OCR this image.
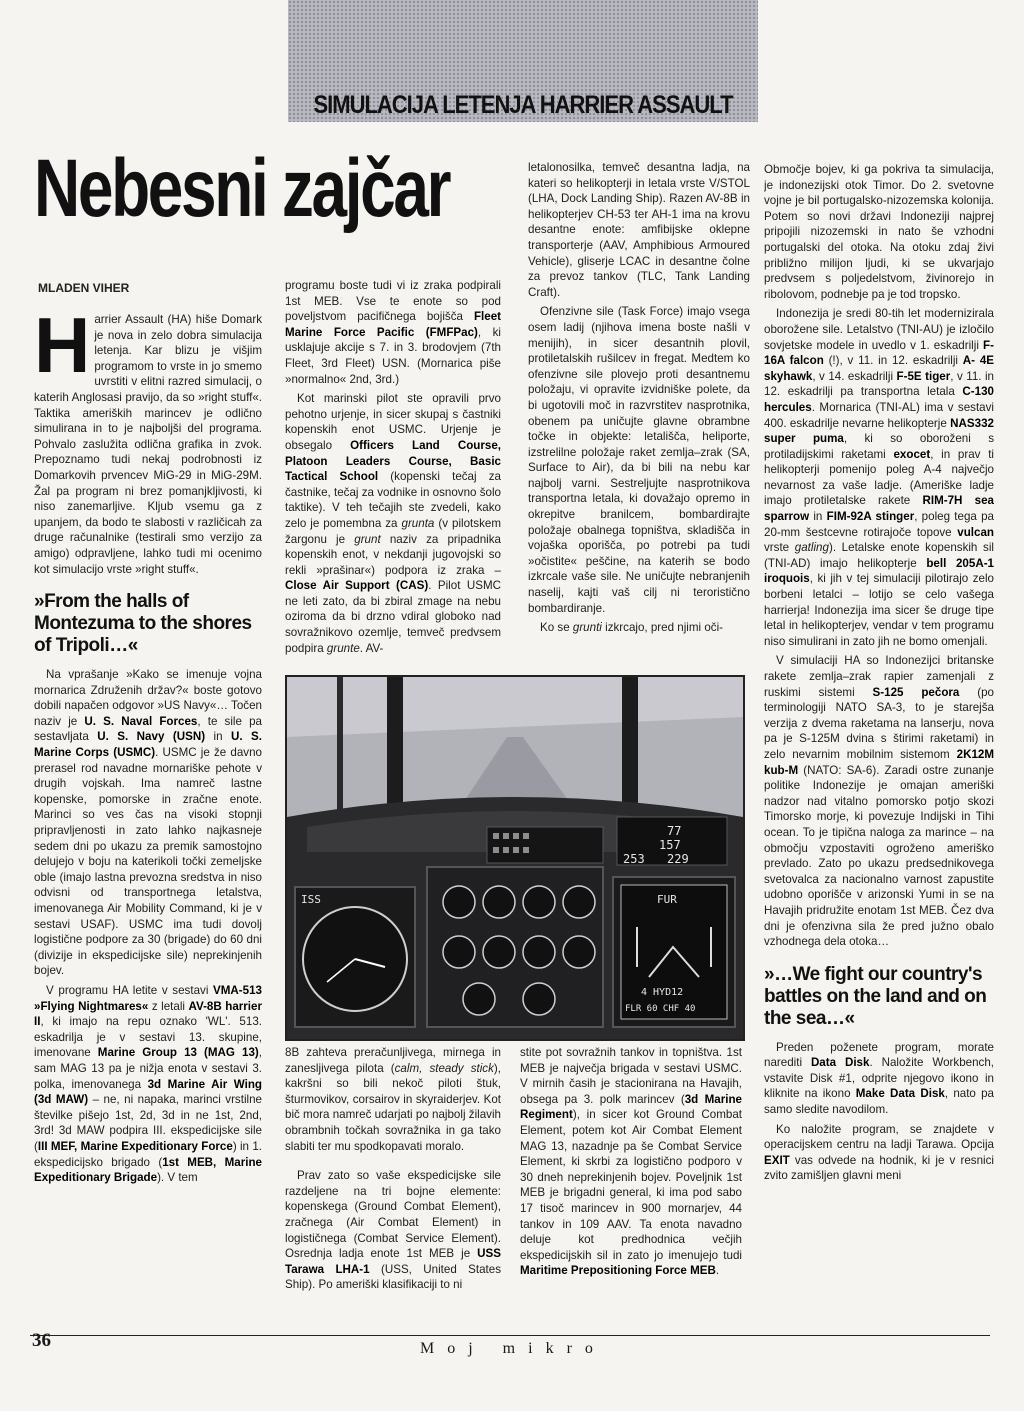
SIMULACIJA LETENJA HARRIER ASSAULT
Nebesni zajčar
MLADEN VIHER

Harrier Assault (HA) hiše Domark je nova in zelo dobra simulacija letenja. Kar blizu je višjim programom to vrste in jo smemo uvrstiti v elitni razred simulacij, o katerih Anglosasi pravijo, da so »right stuff«. Taktika ameriških marincev je odlično simulirana in to je najboljši del programa. Pohvalo zaslužita odlična grafika in zvok. Prepoznamo tudi nekaj podrobnosti iz Domarkovih prvencev MiG-29 in MiG-29M. Žal pa program ni brez pomanjkljivosti, ki niso zanemarljive. Kljub vsemu ga z upanjem, da bodo te slabosti v različicah za druge računalnike (testirali smo verzijo za amigo) odpravljene, lahko tudi mi ocenimo kot simulacijo vrste »right stuff«.

»From the halls of Montezuma to the shores of Tripoli…«

Na vprašanje »Kako se imenuje vojna mornarica Združenih držav?« boste gotovo dobili napačen odgovor »US Navy«… Točen naziv je U. S. Naval Forces, te sile pa sestavljata U. S. Navy (USN) in U. S. Marine Corps (USMC). USMC je že davno prerasel rod navadne mornariške pehote v drugih vojskah. Ima namreč lastne kopenske, pomorske in zračne enote. Marinci so ves čas na visoki stopnji pripravljenosti in zato lahko najkasneje sedem dni po ukazu za premik samostojno delujejo v boju na katerikoli točki zemeljske oble (imajo lastna prevozna sredstva in niso odvisni od transportnega letalstva, imenovanega Air Mobility Command, ki je v sestavi USAF). USMC ima tudi dovolj logistične podpore za 30 (brigade) do 60 dni (divizije in ekspedicijske sile) neprekinjenih bojev.

V programu HA letite v sestavi VMA-513 »Flying Nightmares« z letali AV-8B harrier II, ki imajo na repu oznako 'WL'. 513. eskadrilja je v sestavi 13. skupine, imenovane Marine Group 13 (MAG 13), sam MAG 13 pa je nižja enota v sestavi 3. polka, imenovanega 3d Marine Air Wing (3d MAW) – ne, ni napaka, marinci vrstilne številke pišejo 1st, 2d, 3d in ne 1st, 2nd, 3rd! 3d MAW podpira III. ekspedicijske sile (III MEF, Marine Expeditionary Force) in 1. ekspedicijsko brigado (1st MEB, Marine Expeditionary Brigade). V tem

programu boste tudi vi iz zraka podpirali 1st MEB. Vse te enote so pod poveljstvom pacifičnega bojišča Fleet Marine Force Pacific (FMFPac), ki usklajuje akcije s 7. in 3. brodovjem (7th Fleet, 3rd Fleet) USN. (Mornarica piše »normalno« 2nd, 3rd.)

Kot marinski pilot ste opravili prvo pehotno urjenje, in sicer skupaj s častniki kopenskih enot USMC. Urjenje je obsegalo Officers Land Course, Platoon Leaders Course, Basic Tactical School (kopenski tečaj za častnike, tečaj za vodnike in osnovno šolo taktike). V teh tečajih ste zvedeli, kako zelo je pomembna za grunta (v pilotskem žargonu je grunt naziv za pripadnika kopenskih enot, v nekdanji jugovojski so rekli »prašinar«) podpora iz zraka – Close Air Support (CAS). Pilot USMC ne leti zato, da bi zbiral zmage na nebu oziroma da bi drzno vdiral globoko nad sovražnikovo ozemlje, temveč predvsem podpira grunte. AV-

letalonosilka, temveč desantna ladja, na kateri so helikopterji in letala vrste V/STOL (LHA, Dock Landing Ship). Razen AV-8B in helikopterjev CH-53 ter AH-1 ima na krovu desantne enote: amfibijske oklepne transporterje (AAV, Amphibious Armoured Vehicle), gliserje LCAC in desantne čolne za prevoz tankov (TLC, Tank Landing Craft).

Ofenzivne sile (Task Force) imajo vsega osem ladij (njihova imena boste našli v menijih), in sicer desantnih plovil, protiletalskih rušilcev in fregat. Medtem ko ofenzivne sile plovejo proti desantnemu položaju, vi opravite izvidniške polete, da bi ugotovili moč in razvrstitev nasprotnika, obenem pa uničujte glavne obrambne točke in objekte: letališča, heliporte, izstrelilne položaje raket zemlja–zrak (SA, Surface to Air), da bi bili na nebu kar najbolj varni. Sestreljujte nasprotnikova transportna letala, ki dovažajo opremo in okrepitve branilcem, bombardirajte položaje obalnega topništva, skladišča in vojaška oporišča, po potrebi pa tudi »očistite« peščine, na katerih se bodo izkrcale vaše sile. Ne uničujte nebranjenih naselij, kajti vaš cilj ni teroristično bombardiranje.

Ko se grunti izkrcajo, pred njimi oči-

ISS
77
157
253 229
FUR
4 HYD12
FLR 60 CHF 40

8B zahteva preračunljivega, mirnega in zanesljivega pilota (calm, steady stick), kakršni so bili nekoč piloti štuk, šturmovikov, corsairov in skyraiderjev. Kot bič mora namreč udarjati po najbolj žilavih obrambnih točkah sovražnika in ga tako slabiti ter mu spodkopavati moralo.

Prav zato so vaše ekspedicijske sile razdeljene na tri bojne elemente: kopenskega (Ground Combat Element), zračnega (Air Combat Element) in logističnega (Combat Service Element). Osrednja ladja enote 1st MEB je USS Tarawa LHA-1 (USS, United States Ship). Po ameriški klasifikaciji to ni

stite pot sovražnih tankov in topništva. 1st MEB je največja brigada v sestavi USMC. V mirnih časih je stacionirana na Havajih, obsega pa 3. polk marincev (3d Marine Regiment), in sicer kot Ground Combat Element, potem kot Air Combat Element MAG 13, nazadnje pa še Combat Service Element, ki skrbi za logistično podporo v 30 dneh neprekinjenih bojev. Poveljnik 1st MEB je brigadni general, ki ima pod sabo 17 tisoč marincev in 900 mornarjev, 44 tankov in 109 AAV. Ta enota navadno deluje kot predhodnica večjih ekspedicijskih sil in zato jo imenujejo tudi Maritime Prepositioning Force MEB.

Območje bojev, ki ga pokriva ta simulacija, je indonezijski otok Timor. Do 2. svetovne vojne je bil portugalsko-nizozemska kolonija. Potem so novi državi Indoneziji najprej pripojili nizozemski in nato še vzhodni portugalski del otoka. Na otoku zdaj živi približno milijon ljudi, ki se ukvarjajo predvsem s poljedelstvom, živinorejo in ribolovom, podnebje pa je tod tropsko.

Indonezija je sredi 80-tih let modernizirala oborožene sile. Letalstvo (TNI-AU) je izločilo sovjetske modele in uvedlo v 1. eskadrilji F-16A falcon (!), v 11. in 12. eskadrilji A- 4E skyhawk, v 14. eskadrilji F-5E tiger, v 11. in 12. eskadrilji pa transportna letala C-130 hercules. Mornarica (TNI-AL) ima v sestavi 400. eskadrilje nevarne helikopterje NAS332 super puma, ki so oboroženi s protiladijskimi raketami exocet, in prav ti helikopterji pomenijo poleg A-4 največjo nevarnost za vaše ladje. (Ameriške ladje imajo protiletalske rakete RIM-7H sea sparrow in FIM-92A stinger, poleg tega pa 20-mm šestcevne rotirajoče topove vulcan vrste gatling). Letalske enote kopenskih sil (TNI-AD) imajo helikopterje bell 205A-1 iroquois, ki jih v tej simulaciji pilotirajo zelo borbeni letalci – lotijo se celo vašega harrierja! Indonezija ima sicer še druge tipe letal in helikopterjev, vendar v tem programu niso simulirani in zato jih ne bomo omenjali.

V simulaciji HA so Indonezijci britanske rakete zemlja–zrak rapier zamenjali z ruskimi sistemi S-125 pečora (po terminologiji NATO SA-3, to je starejša verzija z dvema raketama na lanserju, nova pa je S-125M dvina s štirimi raketami) in zelo nevarnim mobilnim sistemom 2K12M kub-M (NATO: SA-6). Zaradi ostre zunanje politike Indonezije je omajan ameriški nadzor nad vitalno pomorsko potjo skozi Timorsko morje, ki povezuje Indijski in Tihi ocean. To je tipična naloga za marince – na območju vzpostaviti ogroženo ameriško prevlado. Zato po ukazu predsednikovega svetovalca za nacionalno varnost zapustite udobno oporišče v arizonski Yumi in se na Havajih pridružite enotam 1st MEB. Čez dva dni je ofenzivna sila že pred južno obalo vzhodnega dela otoka…

»…We fight our country's battles on the land and on the sea…«

Preden poženete program, morate narediti Data Disk. Naložite Workbench, vstavite Disk #1, odprite njegovo ikono in kliknite na ikono Make Data Disk, nato pa samo sledite navodilom.

Ko naložite program, se znajdete v operacijskem centru na ladji Tarawa. Opcija EXIT vas odvede na hodnik, ki je v resnici zvito zamišljen glavni meni

36	Moj mikro
